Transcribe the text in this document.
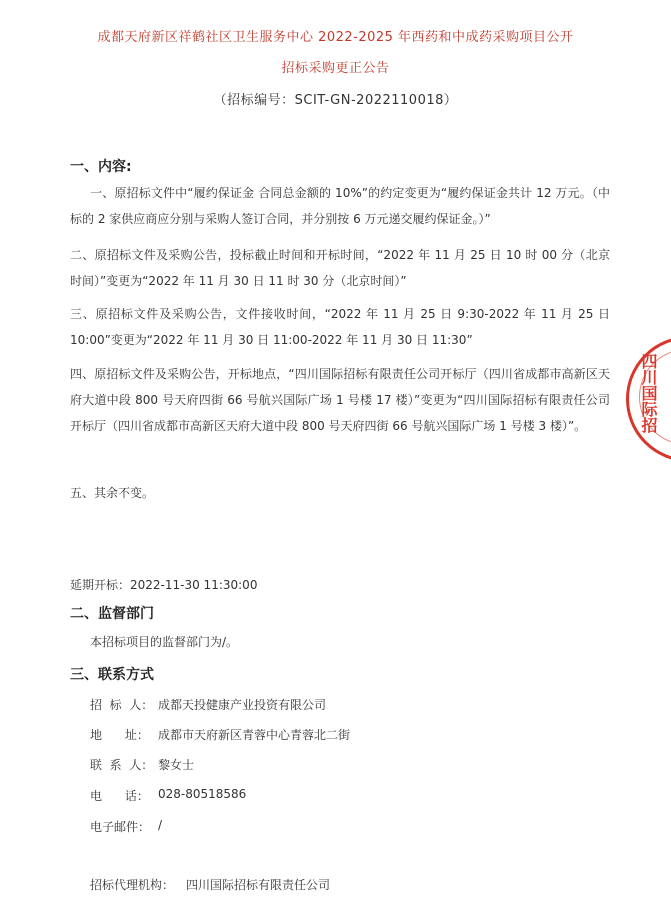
成都天府新区祥鹤社区卫生服务中心 2022-2025 年西药和中成药采购项目公开
招标采购更正公告
（招标编号：SCIT-GN-2022110018）
一、内容:
一、原招标文件中“履约保证金 合同总金额的 10%”的约定变更为“履约保证金共计 12 万元。（中标的 2 家供应商应分别与采购人签订合同，并分别按 6 万元递交履约保证金。）”
二、原招标文件及采购公告，投标截止时间和开标时间，“2022 年 11 月 25 日 10 时 00 分（北京时间）”变更为“2022 年 11 月 30 日 11 时 30 分（北京时间）”
三、原招标文件及采购公告，文件接收时间，“2022 年 11 月 25 日 9:30-2022 年 11 月 25 日 10:00”变更为“2022 年 11 月 30 日 11:00-2022 年 11 月 30 日 11:30”
四、原招标文件及采购公告，开标地点，“四川国际招标有限责任公司开标厅（四川省成都市高新区天府大道中段 800 号天府四街 66 号航兴国际广场 1 号楼 17 楼）”变更为“四川国际招标有限责任公司开标厅（四川省成都市高新区天府大道中段 800 号天府四街 66 号航兴国际广场 1 号楼 3 楼）”。
五、其余不变。
延期开标：2022-11-30 11:30:00
二、监督部门
本招标项目的监督部门为/。
三、联系方式
招  标  人： 成都天投健康产业投资有限公司
地      址： 成都市天府新区青蓉中心青蓉北二街
联  系  人： 黎女士
电      话： 028-80518586
电子邮件： /
招标代理机构： 四川国际招标有限责任公司
四川国际招
